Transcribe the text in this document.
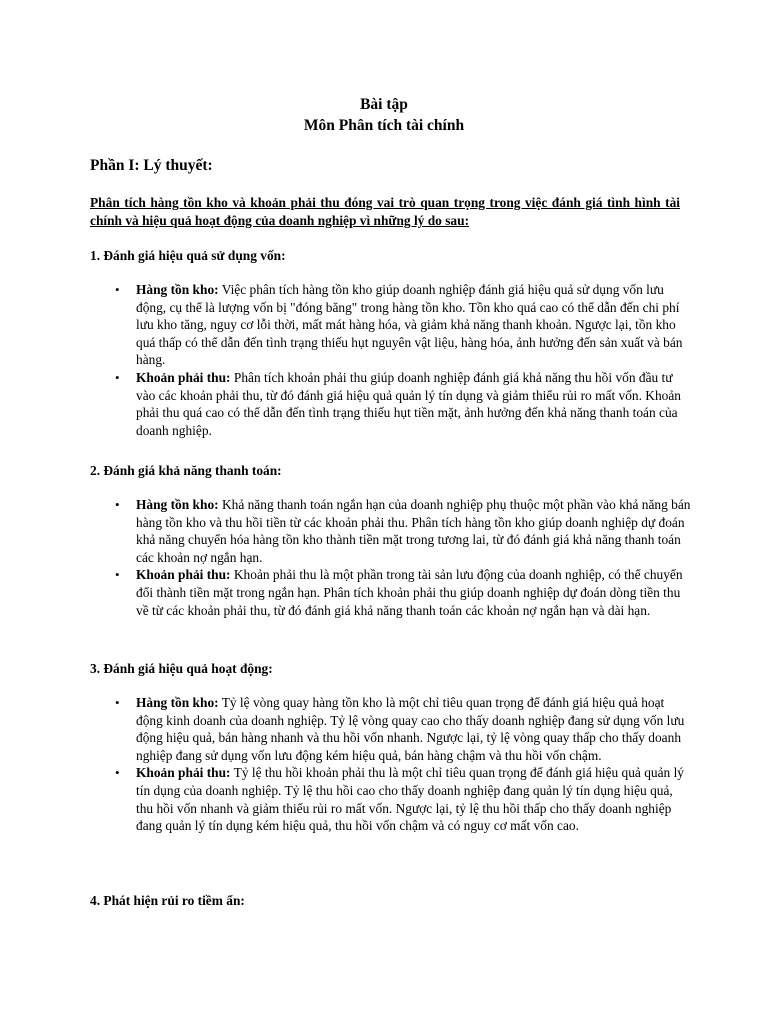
Bài tập
Môn Phân tích tài chính
Phần I: Lý thuyết:
Phân tích hàng tồn kho và khoản phải thu đóng vai trò quan trọng trong việc đánh giá tình hình tài chính và hiệu quả hoạt động của doanh nghiệp vì những lý do sau:

1. Đánh giá hiệu quả sử dụng vốn:

• Hàng tồn kho: Việc phân tích hàng tồn kho giúp doanh nghiệp đánh giá hiệu quả sử dụng vốn lưu động, cụ thể là lượng vốn bị "đóng băng" trong hàng tồn kho. Tồn kho quá cao có thể dẫn đến chi phí lưu kho tăng, nguy cơ lỗi thời, mất mát hàng hóa, và giảm khả năng thanh khoản. Ngược lại, tồn kho quá thấp có thể dẫn đến tình trạng thiếu hụt nguyên vật liệu, hàng hóa, ảnh hưởng đến sản xuất và bán hàng.
• Khoản phải thu: Phân tích khoản phải thu giúp doanh nghiệp đánh giá khả năng thu hồi vốn đầu tư vào các khoản phải thu, từ đó đánh giá hiệu quả quản lý tín dụng và giảm thiểu rủi ro mất vốn. Khoản phải thu quá cao có thể dẫn đến tình trạng thiếu hụt tiền mặt, ảnh hưởng đến khả năng thanh toán của doanh nghiệp.

2. Đánh giá khả năng thanh toán:

• Hàng tồn kho: Khả năng thanh toán ngắn hạn của doanh nghiệp phụ thuộc một phần vào khả năng bán hàng tồn kho và thu hồi tiền từ các khoản phải thu. Phân tích hàng tồn kho giúp doanh nghiệp dự đoán khả năng chuyển hóa hàng tồn kho thành tiền mặt trong tương lai, từ đó đánh giá khả năng thanh toán các khoản nợ ngắn hạn.
• Khoản phải thu: Khoản phải thu là một phần trong tài sản lưu động của doanh nghiệp, có thể chuyển đổi thành tiền mặt trong ngắn hạn. Phân tích khoản phải thu giúp doanh nghiệp dự đoán dòng tiền thu về từ các khoản phải thu, từ đó đánh giá khả năng thanh toán các khoản nợ ngắn hạn và dài hạn.

3. Đánh giá hiệu quả hoạt động:

• Hàng tồn kho: Tỷ lệ vòng quay hàng tồn kho là một chỉ tiêu quan trọng để đánh giá hiệu quả hoạt động kinh doanh của doanh nghiệp. Tỷ lệ vòng quay cao cho thấy doanh nghiệp đang sử dụng vốn lưu động hiệu quả, bán hàng nhanh và thu hồi vốn nhanh. Ngược lại, tỷ lệ vòng quay thấp cho thấy doanh nghiệp đang sử dụng vốn lưu động kém hiệu quả, bán hàng chậm và thu hồi vốn chậm.
• Khoản phải thu: Tỷ lệ thu hồi khoản phải thu là một chỉ tiêu quan trọng để đánh giá hiệu quả quản lý tín dụng của doanh nghiệp. Tỷ lệ thu hồi cao cho thấy doanh nghiệp đang quản lý tín dụng hiệu quả, thu hồi vốn nhanh và giảm thiểu rủi ro mất vốn. Ngược lại, tỷ lệ thu hồi thấp cho thấy doanh nghiệp đang quản lý tín dụng kém hiệu quả, thu hồi vốn chậm và có nguy cơ mất vốn cao.

4. Phát hiện rủi ro tiềm ẩn:
